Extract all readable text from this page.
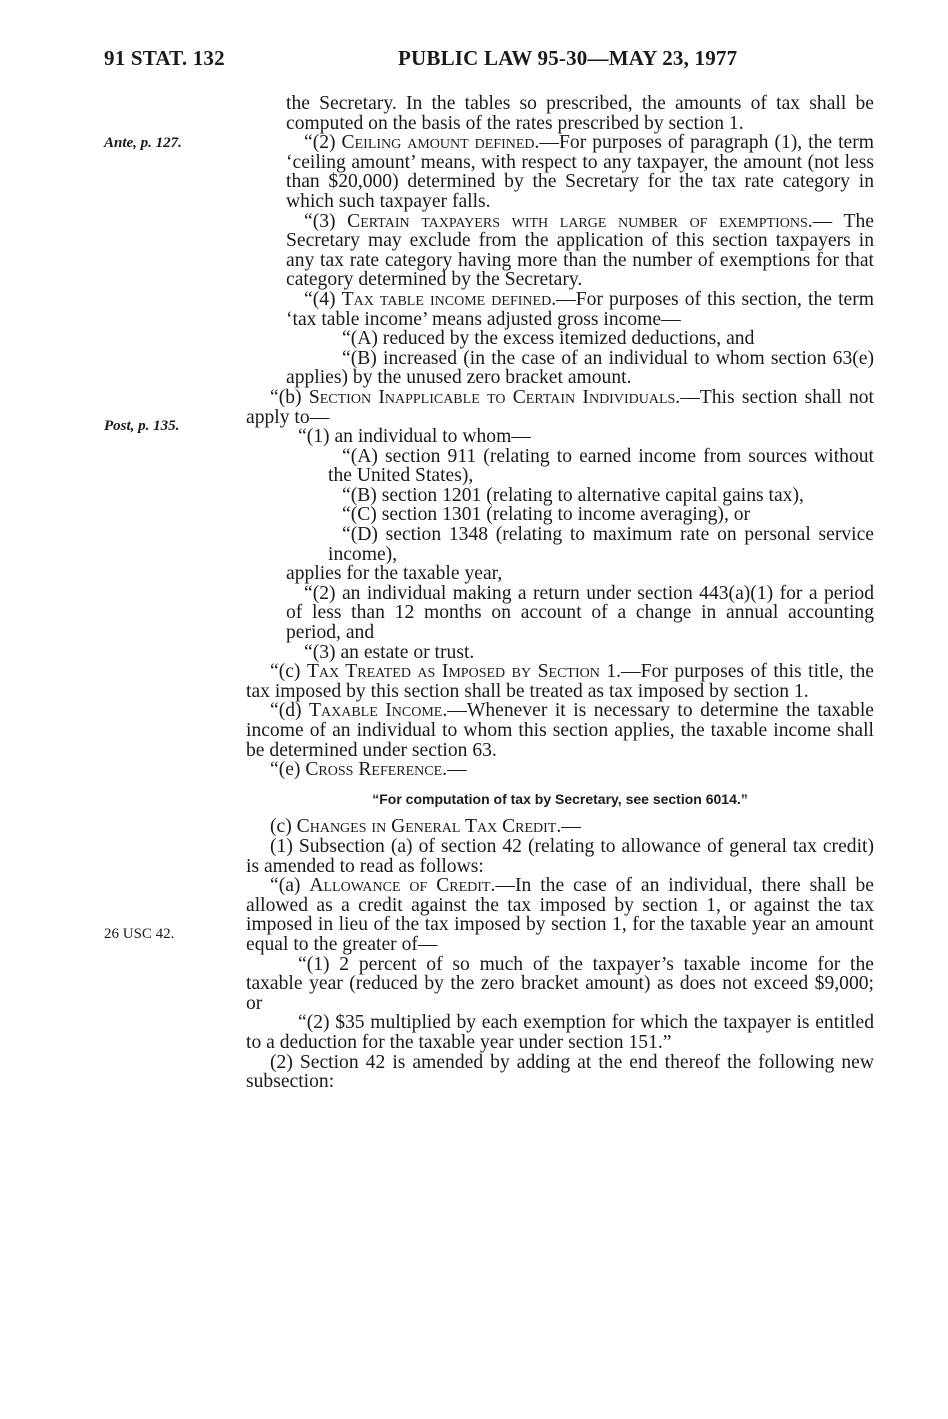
91 STAT. 132	PUBLIC LAW 95-30—MAY 23, 1977
Ante, p. 127.
Post, p. 135.
26 USC 42.

the Secretary. In the tables so prescribed, the amounts of tax shall be computed on the basis of the rates prescribed by section 1.

“(2) Ceiling amount defined.—For purposes of paragraph (1), the term ‘ceiling amount’ means, with respect to any taxpayer, the amount (not less than $20,000) determined by the Secretary for the tax rate category in which such taxpayer falls.

“(3) Certain taxpayers with large number of exemptions.— The Secretary may exclude from the application of this section taxpayers in any tax rate category having more than the number of exemptions for that category determined by the Secretary.

“(4) Tax table income defined.—For purposes of this section, the term ‘tax table income’ means adjusted gross income—

“(A) reduced by the excess itemized deductions, and

“(B) increased (in the case of an individual to whom section 63(e) applies) by the unused zero bracket amount.

“(b) Section Inapplicable to Certain Individuals.—This section shall not apply to—

“(1) an individual to whom—

“(A) section 911 (relating to earned income from sources without the United States),

“(B) section 1201 (relating to alternative capital gains tax),

“(C) section 1301 (relating to income averaging), or

“(D) section 1348 (relating to maximum rate on personal service income),

applies for the taxable year,

“(2) an individual making a return under section 443(a)(1) for a period of less than 12 months on account of a change in annual accounting period, and

“(3) an estate or trust.

“(c) Tax Treated as Imposed by Section 1.—For purposes of this title, the tax imposed by this section shall be treated as tax imposed by section 1.

“(d) Taxable Income.—Whenever it is necessary to determine the taxable income of an individual to whom this section applies, the taxable income shall be determined under section 63.

“(e) Cross Reference.—

“For computation of tax by Secretary, see section 6014.”

(c) Changes in General Tax Credit.—

(1) Subsection (a) of section 42 (relating to allowance of general tax credit) is amended to read as follows:

“(a) Allowance of Credit.—In the case of an individual, there shall be allowed as a credit against the tax imposed by section 1, or against the tax imposed in lieu of the tax imposed by section 1, for the taxable year an amount equal to the greater of—

“(1) 2 percent of so much of the taxpayer’s taxable income for the taxable year (reduced by the zero bracket amount) as does not exceed $9,000; or

“(2) $35 multiplied by each exemption for which the taxpayer is entitled to a deduction for the taxable year under section 151.”

(2) Section 42 is amended by adding at the end thereof the following new subsection:
